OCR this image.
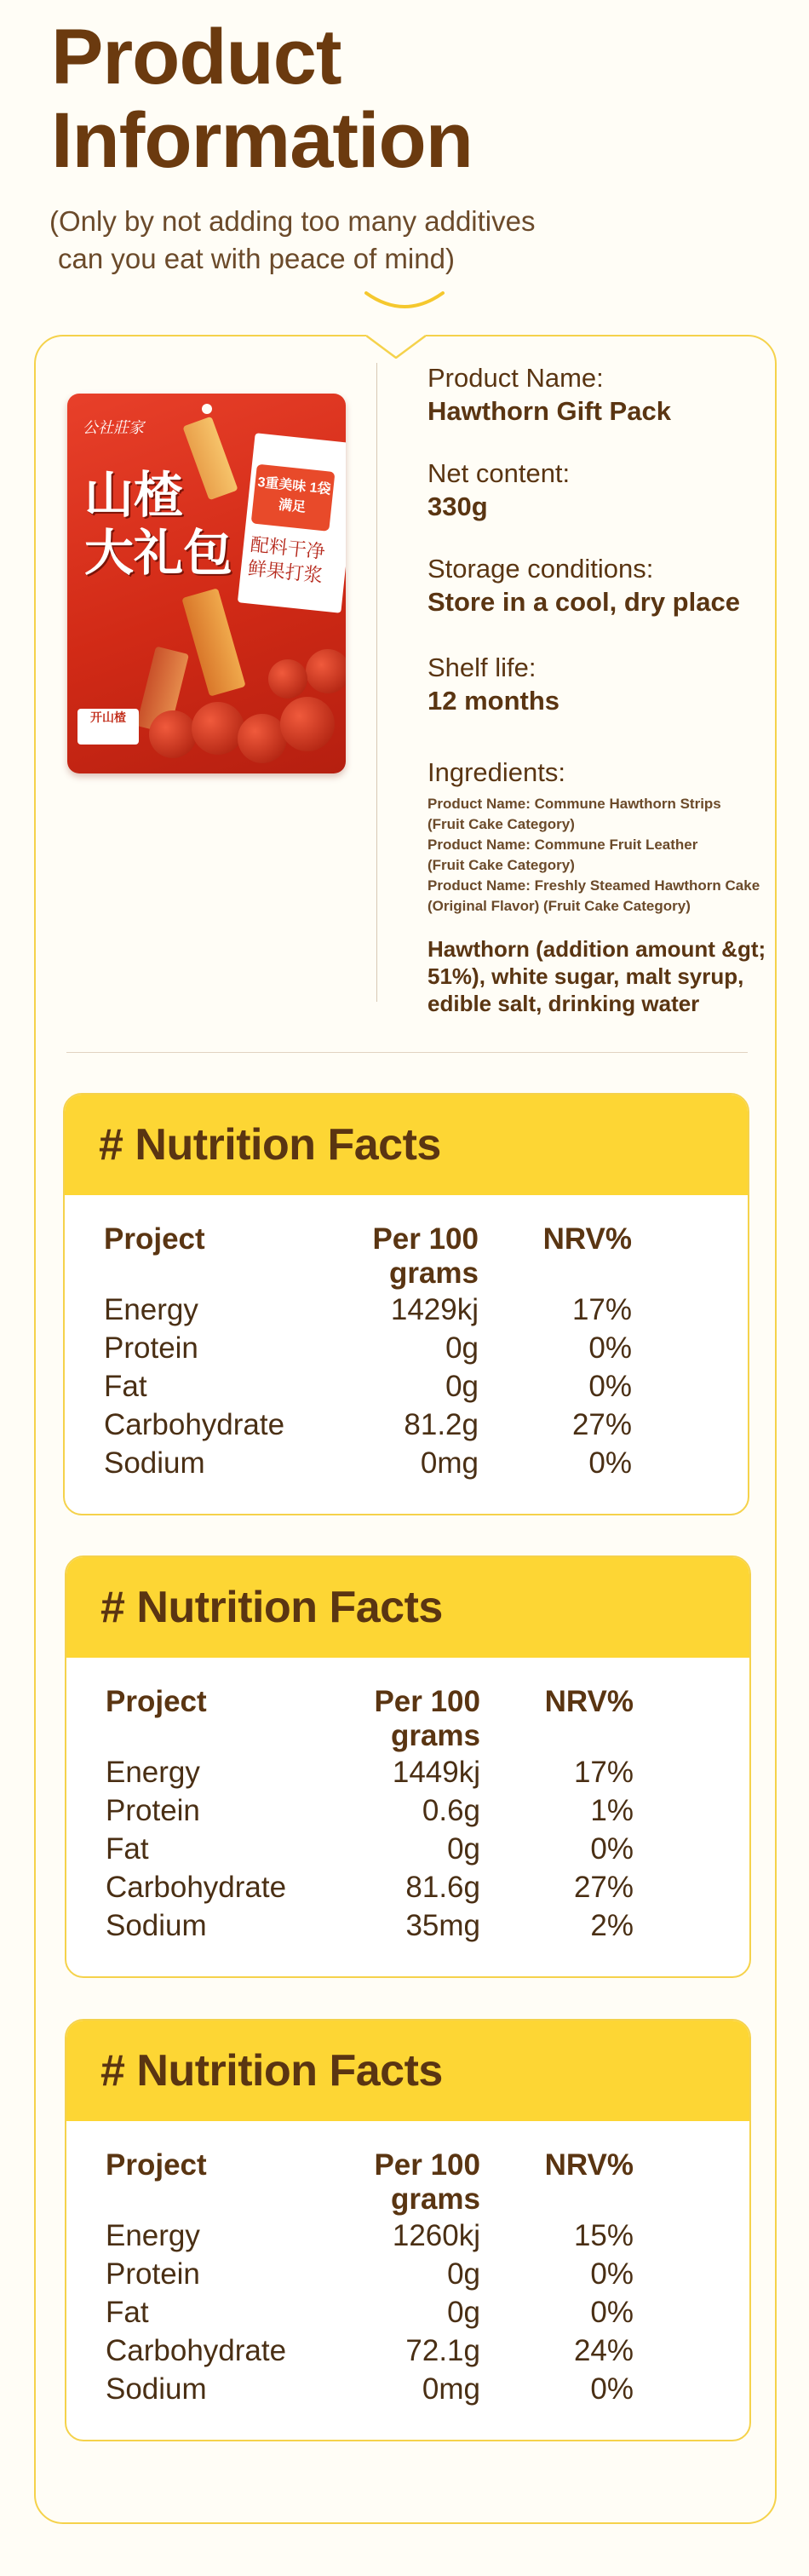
Product
Information

(Only by not adding too many additives
can you eat with peace of mind)

公社莊家
山楂
大礼包
3重美味 1袋满足
配料干净
鲜果打浆
开山楂
Product Name:
Hawthorn Gift Pack
Net content:
330g
Storage conditions:
Store in a cool, dry place
Shelf life:
12 months
Ingredients:
Product Name: Commune Hawthorn Strips
(Fruit Cake Category)
Product Name: Commune Fruit Leather
(Fruit Cake Category)
Product Name: Freshly Steamed Hawthorn Cake
(Original Flavor) (Fruit Cake Category)
Hawthorn (addition amount &gt; 51%), white sugar, malt syrup, edible salt, drinking water
# Nutrition Facts
Project	Per 100 grams	NRV%
Energy	1429kj	17%
Protein	0g	0%
Fat	0g	0%
Carbohydrate	81.2g	27%
Sodium	0mg	0%
# Nutrition Facts
Project	Per 100 grams	NRV%
Energy	1449kj	17%
Protein	0.6g	1%
Fat	0g	0%
Carbohydrate	81.6g	27%
Sodium	35mg	2%
# Nutrition Facts
Project	Per 100 grams	NRV%
Energy	1260kj	15%
Protein	0g	0%
Fat	0g	0%
Carbohydrate	72.1g	24%
Sodium	0mg	0%
